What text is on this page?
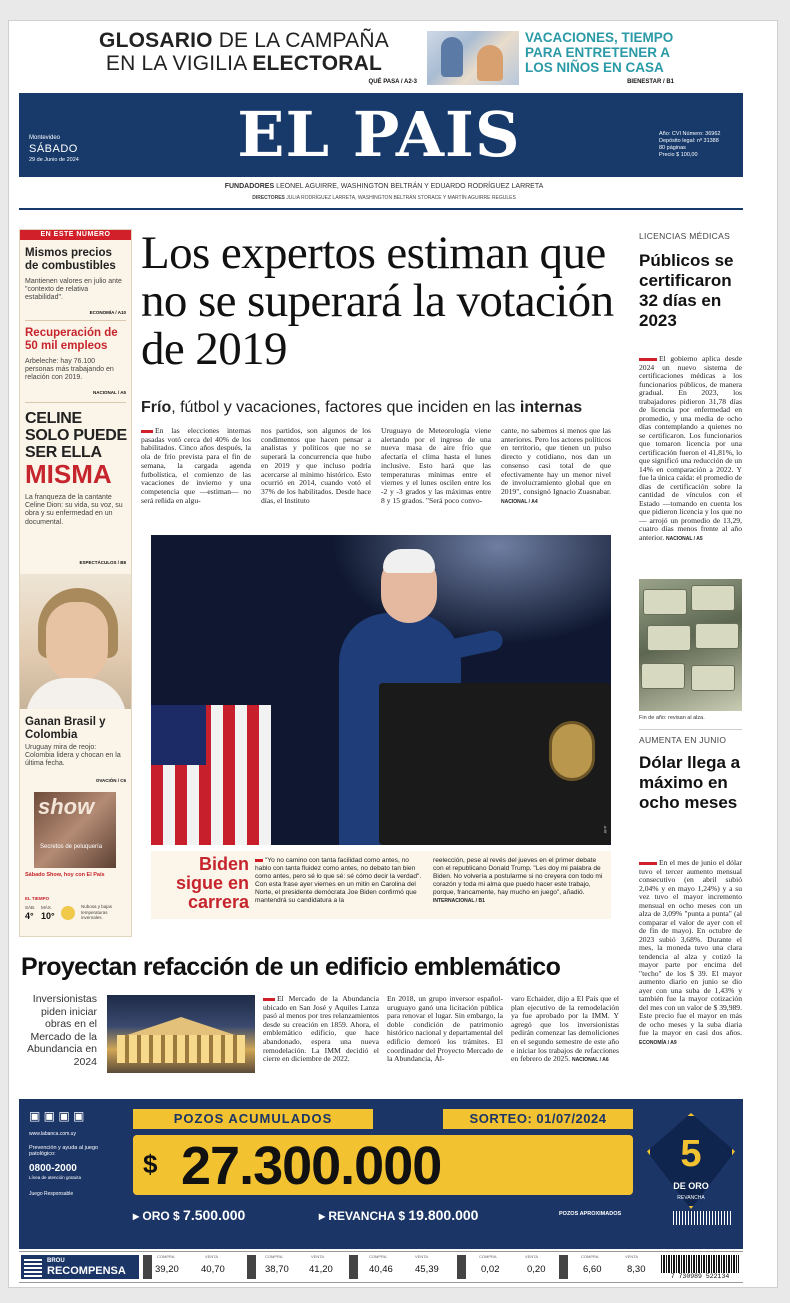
GLOSARIO DE LA CAMPAÑA
EN LA VIGILIA ELECTORAL
QUÉ PASA / A2-3
VACACIONES, TIEMPO PARA ENTRETENER A LOS NIÑOS EN CASA
BIENESTAR / B1
EL PAIS
Montevideo
SÁBADO
29 de Junio de 2024
Año: CVI Número: 36962
Depósito legal: nº 31388
80 páginas
Precio $ 100,00
FUNDADORES LEONEL AGUIRRE, WASHINGTON BELTRÁN Y EDUARDO RODRÍGUEZ LARRETA
DIRECTORES JULIA RODRÍGUEZ LARRETA, WASHINGTON BELTRÁN STORACE Y MARTÍN AGUIRRE REGULES
EN ESTE NÚMERO
Mismos precios de combustibles
Mantienen valores en julio ante "contexto de relativa estabilidad".
ECONOMÍA / A10
Recuperación de 50 mil empleos
Arbeleche: hay 76.100 personas más trabajando en relación con 2019.
NACIONAL / A5
CELINE SOLO PUEDE SER ELLA
MISMA
La franqueza de la cantante Celine Dion: su vida, su voz, su obra y su enfermedad en un documental.
ESPECTÁCULOS / B8
Ganan Brasil y Colombia
Uruguay mira de reojo: Colombia lidera y chocan en la última fecha.
OVACIÓN / C6
show
Secretos de peluquería
Sábado Show, hoy con El País
EL TIEMPO
SÁB.
4°
MÁX.
10°
Nubosa y bajas temperaturas invernales.
Los expertos estiman que no se superará la votación de 2019
Frío, fútbol y vacaciones, factores que inciden en las internas
En las elecciones internas pasadas votó cerca del 40% de los habilitados. Cinco años después, la ola de frío prevista para el fin de semana, la cargada agenda futbolística, el comienzo de las vacaciones de invierno y una competencia que —estiman— no será reñida en algu-
nos partidos, son algunos de los condimentos que hacen pensar a analistas y políticos que no se superará la concurrencia que hubo en 2019 y que incluso podría acercarse al mínimo histórico. Esto ocurrió en 2014, cuando votó el 37% de los habilitados. Desde hace días, el Instituto
Uruguayo de Meteorología viene alertando por el ingreso de una nueva masa de aire frío que afectaría el clima hasta el lunes inclusive. Esto hará que las temperaturas mínimas entre el viernes y el lunes oscilen entre los -2 y -3 grados y las máximas entre 8 y 15 grados. "Será poco convo-
cante, no sabemos si menos que las anteriores. Pero los actores políticos en territorio, que tienen un pulso directo y cotidiano, nos dan un consenso casi total de que efectivamente hay un menor nivel de involucramiento global que en 2019", consignó Ignacio Zuasnabar. NACIONAL / A4
AFP
Biden sigue en carrera
"Yo no camino con tanta facilidad como antes, no hablo con tanta fluidez como antes, no debato tan bien como antes, pero sé lo que sé: sé cómo decir la verdad". Con esta frase ayer viernes en un mitin en Carolina del Norte, el presidente demócrata Joe Biden confirmó que mantendrá su candidatura a la
reelección, pese al revés del jueves en el primer debate con el republicano Donald Trump. "Les doy mi palabra de Biden. No volvería a postularme si no creyera con todo mi corazón y toda mi alma que puedo hacer este trabajo, porque, francamente, hay mucho en juego", añadió. INTERNACIONAL / B1
LICENCIAS MÉDICAS
Públicos se certificaron 32 días en 2023
El gobierno aplica desde 2024 un nuevo sistema de certificaciones médicas a los funcionarios públicos, de manera gradual. En 2023, los trabajadores pidieron 31,78 días de licencia por enfermedad en promedio, y una media de ocho días contemplando a quienes no se certificaron. Los funcionarios que tomaron licencia por una certificación fueron el 41,81%, lo que significó una reducción de un 14% en comparación a 2022. Y fue la única caída: el promedio de días de certificación sobre la cantidad de vínculos con el Estado —tomando en cuenta los que pidieron licencia y los que no— arrojó un promedio de 13,29, cuatro días menos frente al año anterior. NACIONAL / A5
Fin de año: revisan al alza.
AUMENTA EN JUNIO
Dólar llega a máximo en ocho meses
En el mes de junio el dólar tuvo el tercer aumento mensual consecutivo (en abril subió 2,04% y en mayo 1,24%) y a su vez tuvo el mayor incremento mensual en ocho meses con un alza de 3,09% "punta a punta" (al comparar el valor de ayer con el de fin de mayo). En octubre de 2023 subió 3,68%. Durante el mes, la moneda tuvo una clara tendencia al alza y cotizó la mayor parte por encima del "techo" de los $ 39. El mayor aumento diario en junio se dio ayer con una suba de 1,43% y también fue la mayor cotización del mes con un valor de $ 39,989. Este precio fue el mayor en más de ocho meses y la suba diaria fue la mayor en casi dos años. ECONOMÍA / A9
Proyectan refacción de un edificio emblemático
Inversionistas piden iniciar obras en el Mercado de la Abundancia en 2024
El Mercado de la Abundancia ubicado en San José y Aquiles Lanza pasó al menos por tres relanzamientos desde su creación en 1859. Ahora, el emblemático edificio, que hace abandonado, espera una nueva remodelación. La IMM decidió el cierre en diciembre de 2022.
En 2018, un grupo inversor español-uruguayo ganó una licitación pública para renovar el lugar. Sin embargo, la doble condición de patrimonio histórico nacional y departamental del edificio demoró los trámites. El coordinador del Proyecto Mercado de la Abundancia, Ál-
varo Echaider, dijo a El País que el plan ejecutivo de la remodelación ya fue aprobado por la IMM. Y agregó que los inversionistas pedirán comenzar las demoliciones en el segundo semestre de este año e iniciar los trabajos de refacciones en febrero de 2025. NACIONAL / A6
▣ ▣ ▣ ▣
www.labanca.com.uy
Prevención y ayuda al juego patológico:
0800-2000
Línea de atención gratuita
Juego Responsable
POZOS ACUMULADOS	SORTEO: 01/07/2024
$ 27.300.000
▸ ORO $ 7.500.000	▸ REVANCHA $ 19.800.000	POZOS APROXIMADOS
5
DE ORO
REVANCHA
BROU
RECOMPENSA
COMPRA
39,20
VENTA
40,70
COMPRA
38,70
VENTA
41,20
COMPRA
40,46
VENTA
45,39
COMPRA
0,02
VENTA
0,20
COMPRA
6,60
VENTA
8,30
7 730989 522134
